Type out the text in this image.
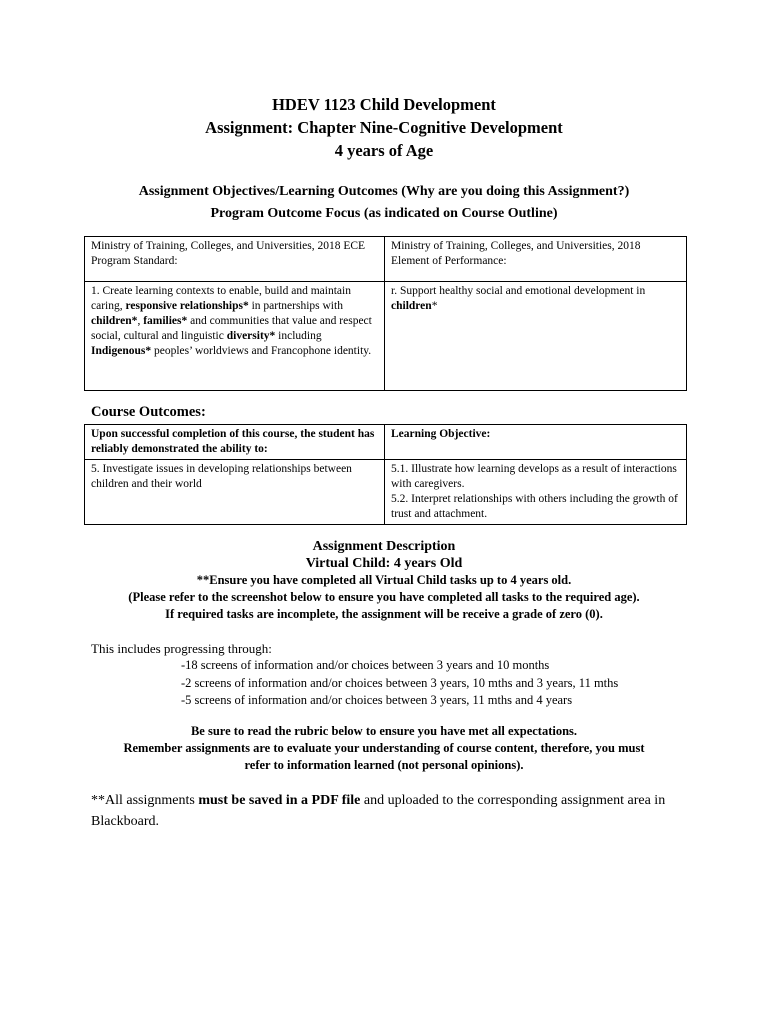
HDEV 1123 Child Development
Assignment: Chapter Nine-Cognitive Development
4 years of Age
Assignment Objectives/Learning Outcomes (Why are you doing this Assignment?)
Program Outcome Focus (as indicated on Course Outline)
Ministry of Training, Colleges, and Universities, 2018 ECE Program Standard:	Ministry of Training, Colleges, and Universities, 2018 Element of Performance:
1. Create learning contexts to enable, build and maintain caring, responsive relationships* in partnerships with children*, families* and communities that value and respect social, cultural and linguistic diversity* including Indigenous* peoples’ worldviews and Francophone identity.	r. Support healthy social and emotional development in children*
Course Outcomes:
Upon successful completion of this course, the student has reliably demonstrated the ability to:	Learning Objective:
5. Investigate issues in developing relationships between children and their world	5.1. Illustrate how learning develops as a result of interactions with caregivers.
5.2. Interpret relationships with others including the growth of trust and attachment.
Assignment Description
Virtual Child: 4 years Old
**Ensure you have completed all Virtual Child tasks up to 4 years old.
(Please refer to the screenshot below to ensure you have completed all tasks to the required age).
If required tasks are incomplete, the assignment will be receive a grade of zero (0).
This includes progressing through:
-18 screens of information and/or choices between 3 years and 10 months
-2 screens of information and/or choices between 3 years, 10 mths and 3 years, 11 mths
-5 screens of information and/or choices between 3 years, 11 mths and 4 years
Be sure to read the rubric below to ensure you have met all expectations.
Remember assignments are to evaluate your understanding of course content, therefore, you must
refer to information learned (not personal opinions).
**All assignments must be saved in a PDF file and uploaded to the corresponding assignment area in Blackboard.
